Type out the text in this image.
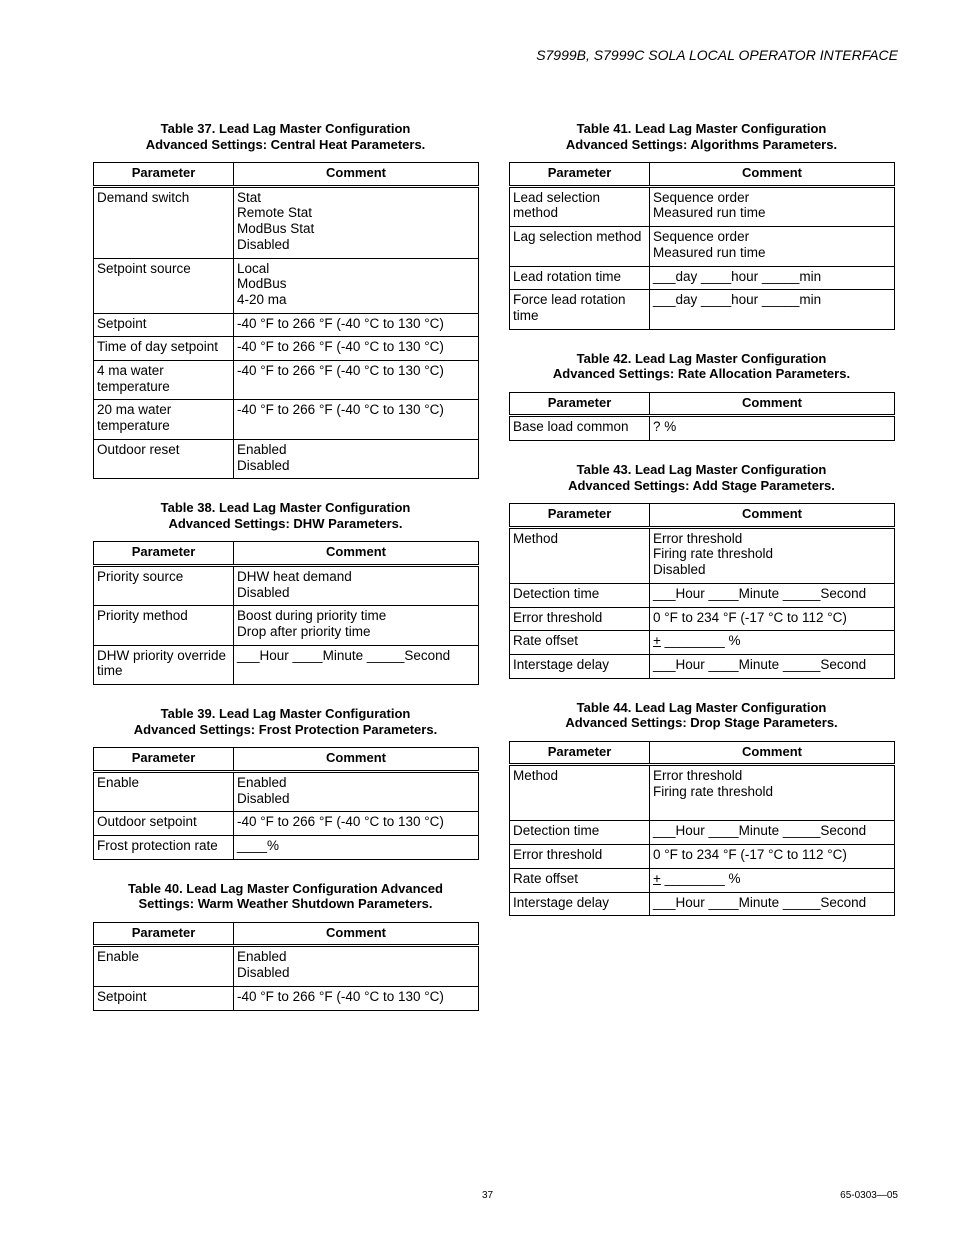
S7999B, S7999C SOLA LOCAL OPERATOR INTERFACE
Table 37. Lead Lag Master Configuration
Advanced Settings: Central Heat Parameters.
Parameter	Comment

Demand switch	Stat
Remote Stat
ModBus Stat
Disabled

Setpoint source	Local
ModBus
4-20 ma

Setpoint	-40 °F to 266 °F (-40 °C to 130 °C)

Time of day setpoint	-40 °F to 266 °F (-40 °C to 130 °C)

4 ma water temperature	-40 °F to 266 °F (-40 °C to 130 °C)

20 ma water temperature	-40 °F to 266 °F (-40 °C to 130 °C)

Outdoor reset	Enabled
Disabled
Table 38. Lead Lag Master Configuration
Advanced Settings: DHW Parameters.
Parameter	Comment

Priority source	DHW heat demand
Disabled

Priority method	Boost during priority time
Drop after priority time

DHW priority override time	___Hour ____Minute _____Second
Table 39. Lead Lag Master Configuration
Advanced Settings: Frost Protection Parameters.
Parameter	Comment

Enable	Enabled
Disabled

Outdoor setpoint	-40 °F to 266 °F (-40 °C to 130 °C)

Frost protection rate	____%
Table 40. Lead Lag Master Configuration Advanced
Settings: Warm Weather Shutdown Parameters.
Parameter	Comment

Enable	Enabled
Disabled

Setpoint	-40 °F to 266 °F (-40 °C to 130 °C)
Table 41. Lead Lag Master Configuration
Advanced Settings: Algorithms Parameters.
Parameter	Comment

Lead selection method	Sequence order
Measured run time

Lag selection method	Sequence order
Measured run time

Lead rotation time	___day ____hour _____min

Force lead rotation time	___day ____hour _____min
Table 42. Lead Lag Master Configuration
Advanced Settings: Rate Allocation Parameters.
Parameter	Comment

Base load common	? %
Table 43. Lead Lag Master Configuration
Advanced Settings: Add Stage Parameters.
Parameter	Comment

Method	Error threshold
Firing rate threshold
Disabled

Detection time	___Hour ____Minute _____Second

Error threshold	0 °F to 234 °F (-17 °C to 112 °C)

Rate offset	+ ________ %

Interstage delay	___Hour ____Minute _____Second
Table 44. Lead Lag Master Configuration
Advanced Settings: Drop Stage Parameters.
Parameter	Comment

Method	Error threshold
Firing rate threshold

Detection time	___Hour ____Minute _____Second

Error threshold	0 °F to 234 °F (-17 °C to 112 °C)

Rate offset	+ ________ %

Interstage delay	___Hour ____Minute _____Second
37	65-0303—05
